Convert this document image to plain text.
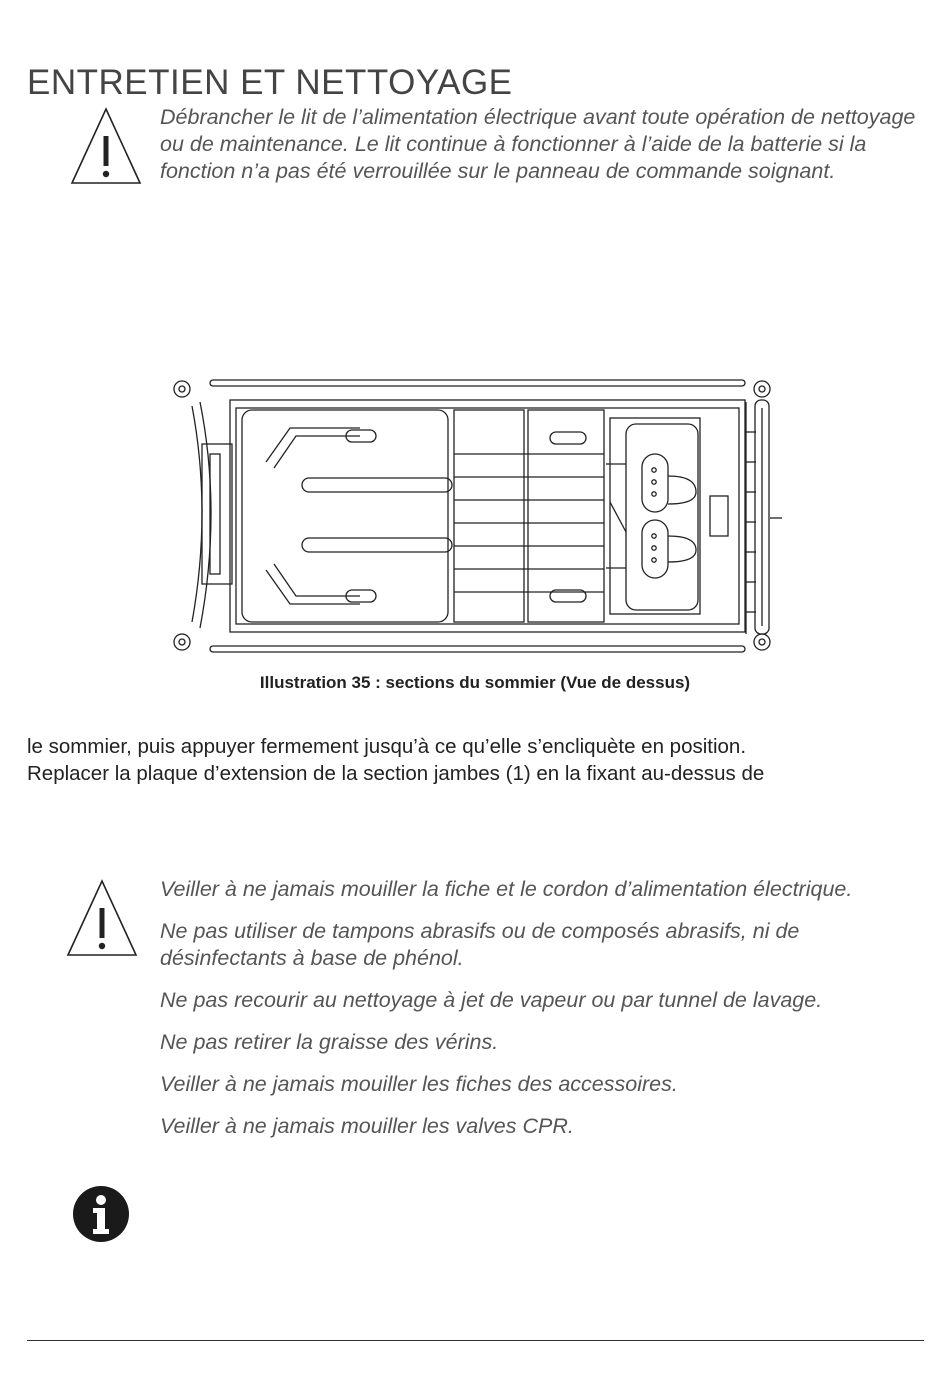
ENTRETIEN ET NETTOYAGE

Débrancher le lit de l’alimentation électrique avant toute opération de nettoyage ou de maintenance. Le lit continue à fonctionner à l’aide de la batterie si la fonction n’a pas été verrouillée sur le panneau de commande soignant.

Illustration 35 : sections du sommier (Vue de dessus)
le sommier, puis appuyer fermement jusqu’à ce qu’elle s’encliquète en position.
Replacer la plaque d’extension de la section jambes (1) en la fixant au-dessus de

Veiller à ne jamais mouiller la fiche et le cordon d’alimentation électrique.

Ne pas utiliser de tampons abrasifs ou de composés abrasifs, ni de désinfectants à base de phénol.

Ne pas recourir au nettoyage à jet de vapeur ou par tunnel de lavage.

Ne pas retirer la graisse des vérins.

Veiller à ne jamais mouiller les fiches des accessoires.

Veiller à ne jamais mouiller les valves CPR.
